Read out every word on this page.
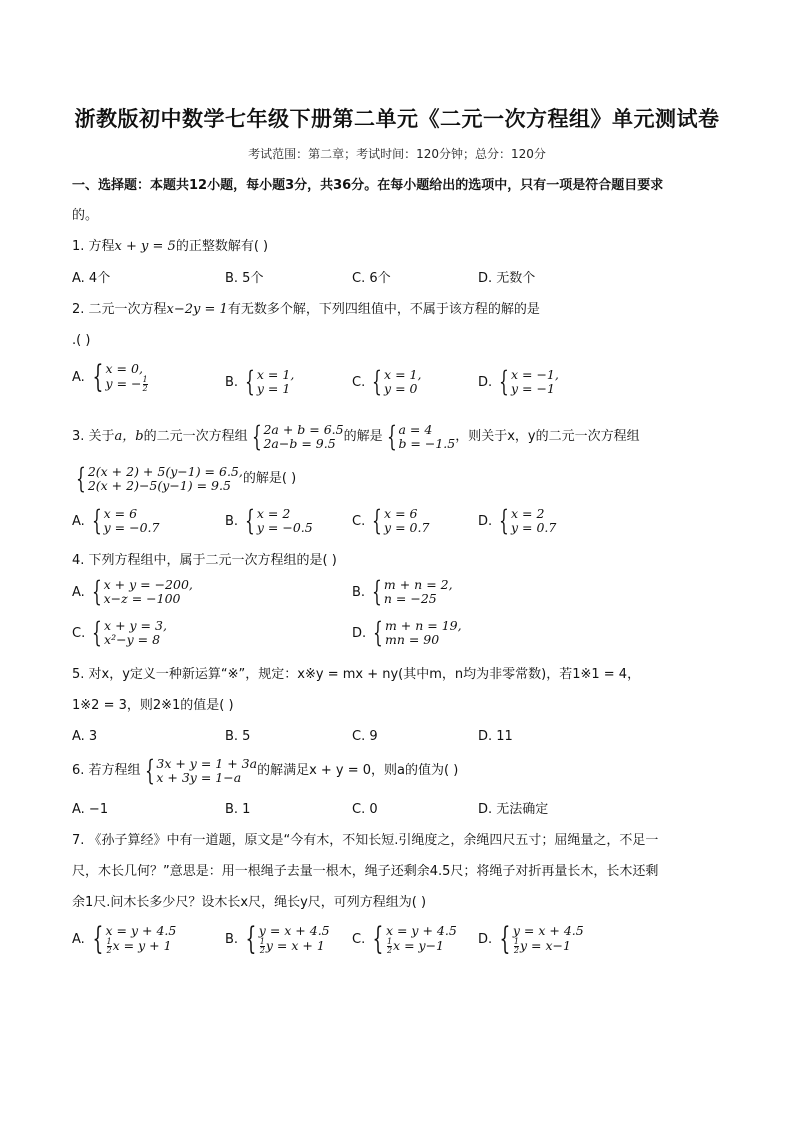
浙教版初中数学七年级下册第二单元《二元一次方程组》单元测试卷
考试范围：第二章；考试时间：120分钟；总分：120分
一、选择题：本题共12小题，每小题3分，共36分。在每小题给出的选项中，只有一项是符合题目要求
的。
1. 方程x + y = 5的正整数解有( )
A. 4个	B. 5个	C. 6个	D. 无数个
2. 二元一次方程x−2y = 1有无数多个解，下列四组值中，不属于该方程的解的是
.( )
A. { x = 0,
y = − $\frac{1}{2}$	B. { x = 1,
y = 1	C. { x = 1,
y = 0	D. { x = −1,
y = −1
3. 关于 a，b 的二元一次方程组 { 2a + b = 6.5
2a−b = 9.5 的解是 { a = 4
b = −1.5 ，则关于x，y的二元一次方程组
{ 2(x + 2) + 5(y−1) = 6.5,
2(x + 2)−5(y−1) = 9.5 的解是( )
A. { x = 6
y = −0.7	B. { x = 2
y = −0.5	C. { x = 6
y = 0.7	D. { x = 2
y = 0.7
4. 下列方程组中，属于二元一次方程组的是( )
A. { x + y = −200,
x−z = −100	B. { m + n = 2,
n = −25
C. { x + y = 3,
x²−y = 8	D. { m + n = 19,
mn = 90
5. 对x，y定义一种新运算“※”，规定：x※y = mx + ny(其中m，n均为非零常数)，若1※1 = 4，
1※2 = 3，则2※1的值是( )
A. 3	B. 5	C. 9	D. 11
6. 若方程组 { 3x + y = 1 + 3a
x + 3y = 1−a	的解满足x + y = 0，则a的值为( )
A. −1	B. 1	C. 0	D. 无法确定
7. 《孙子算经》中有一道题，原文是“今有木，不知长短.引绳度之，余绳四尺五寸；屈绳量之，不足一
尺，木长几何？”意思是：用一根绳子去量一根木，绳子还剩余4.5尺；将绳子对折再量长木，长木还剩
余1尺.问木长多少尺？设木长x尺，绳长y尺，可列方程组为( )
A. { x = y + 4.5
$\frac{1}{2}$ x = y + 1	B. { y = x + 4.5
$\frac{1}{2}$ y = x + 1	C. { x = y + 4.5
$\frac{1}{2}$ x = y−1	D. { y = x + 4.5
$\frac{1}{2}$ y = x−1
